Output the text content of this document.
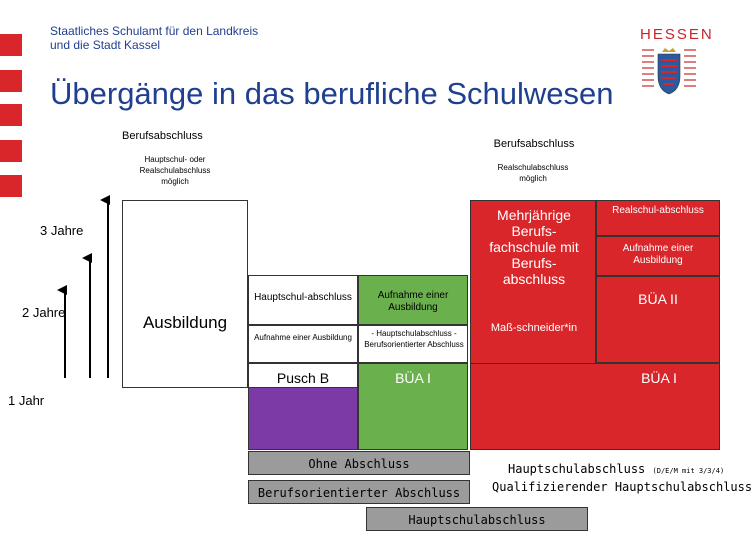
Staatliches Schulamt für den Landkreis
und die Stadt Kassel
Übergänge in das berufliche Schulwesen
HESSEN
3 Jahre
2 Jahre
1 Jahr
Berufsabschluss
Hauptschul- oder Realschulabschluss möglich
Ausbildung
Hauptschul-abschluss
Aufnahme einer Ausbildung
Pusch B
Aufnahme einer Ausbildung
- Hauptschulabschluss - Berufsorientierter Abschluss
BÜA I
Berufsabschluss
Realschulabschluss möglich
Mehrjährige Berufs-fachschule mit Berufs-abschluss
Maß-schneider*in
Realschul-abschluss
Aufnahme einer Ausbildung
BÜA II
BÜA I
Ohne Abschluss
Berufsorientierter Abschluss
Hauptschulabschluss
Hauptschulabschluss (D/E/M mit 3/3/4)
Qualifizierender Hauptschulabschluss
